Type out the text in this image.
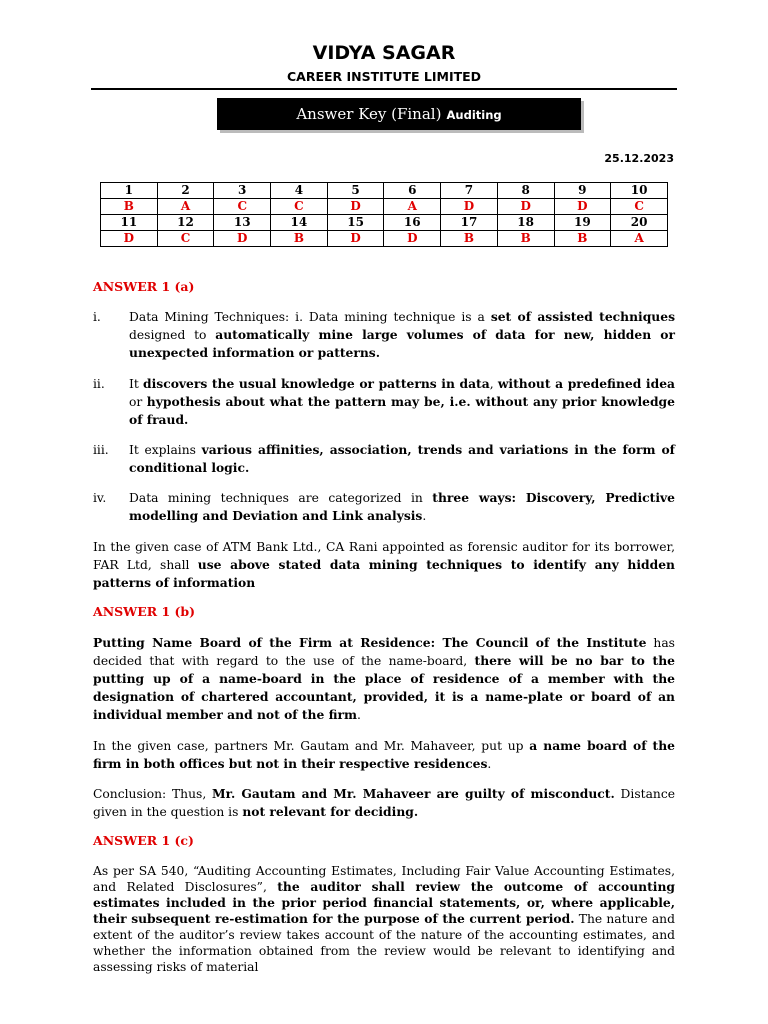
VIDYA SAGAR
CAREER INSTITUTE LIMITED
Answer Key (Final) Auditing
25.12.2023
1	2	3	4	5	6	7	8	9	10
B	A	C	C	D	A	D	D	D	C
11	12	13	14	15	16	17	18	19	20
D	C	D	B	D	D	B	B	B	A
ANSWER 1 (a)
i.	Data Mining Techniques: i. Data mining technique is a set of assisted techniques designed to automatically mine large volumes of data for new, hidden or unexpected information or patterns.
ii.	It discovers the usual knowledge or patterns in data, without a predefined idea or hypothesis about what the pattern may be, i.e. without any prior knowledge of fraud.
iii.	It explains various affinities, association, trends and variations in the form of conditional logic.
iv.	Data mining techniques are categorized in three ways: Discovery, Predictive modelling and Deviation and Link analysis.
In the given case of ATM Bank Ltd., CA Rani appointed as forensic auditor for its borrower, FAR Ltd, shall use above stated data mining techniques to identify any hidden patterns of information
ANSWER 1 (b)
Putting Name Board of the Firm at Residence: The Council of the Institute has decided that with regard to the use of the name-board, there will be no bar to the putting up of a name-board in the place of residence of a member with the designation of chartered accountant, provided, it is a name-plate or board of an individual member and not of the firm.
In the given case, partners Mr. Gautam and Mr. Mahaveer, put up a name board of the firm in both offices but not in their respective residences.
Conclusion: Thus, Mr. Gautam and Mr. Mahaveer are guilty of misconduct. Distance given in the question is not relevant for deciding.
ANSWER 1 (c)
As per SA 540, “Auditing Accounting Estimates, Including Fair Value Accounting Estimates, and Related Disclosures”, the auditor shall review the outcome of accounting estimates included in the prior period financial statements, or, where applicable, their subsequent re-estimation for the purpose of the current period. The nature and extent of the auditor’s review takes account of the nature of the accounting estimates, and whether the information obtained from the review would be relevant to identifying and assessing risks of material
